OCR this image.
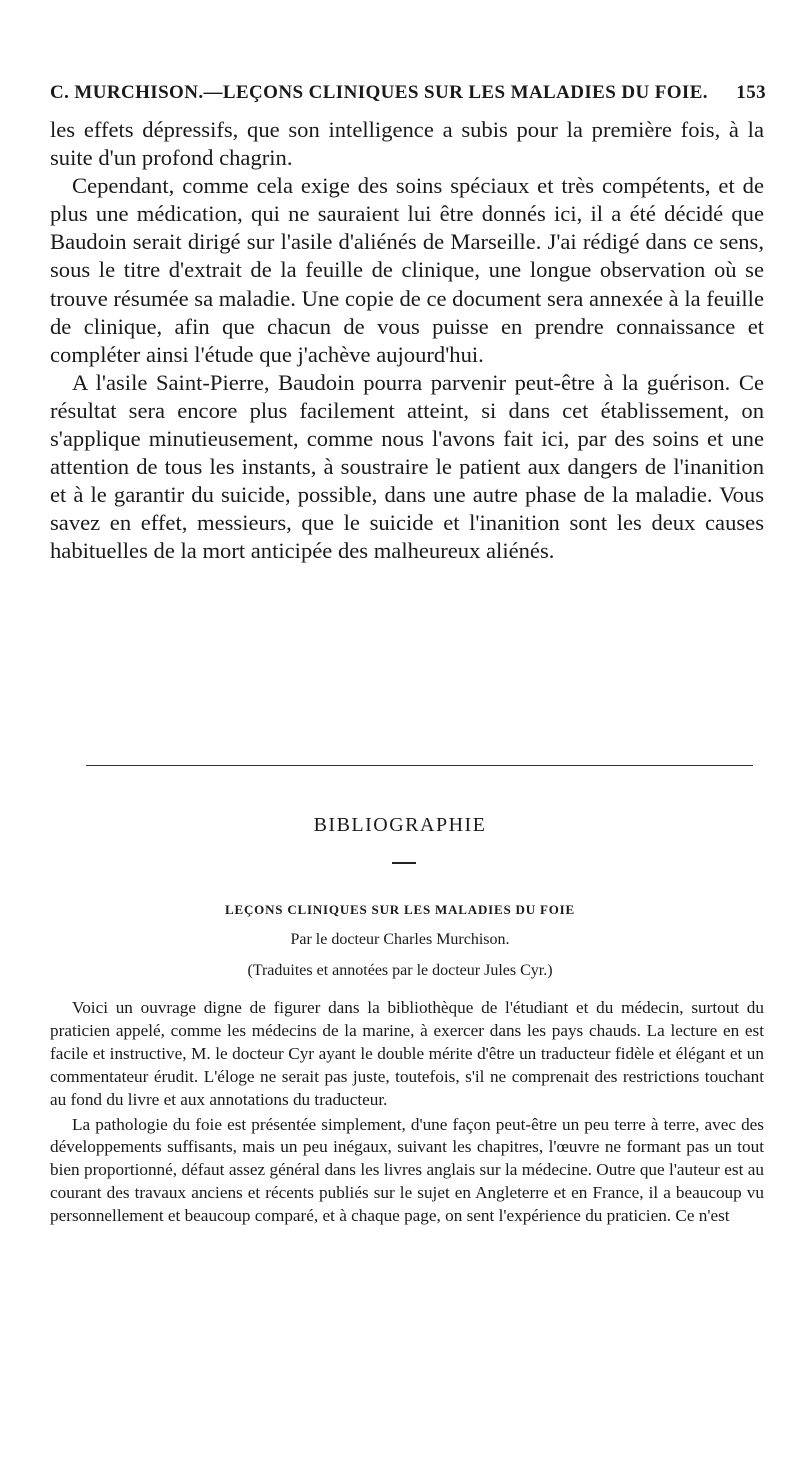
C. MURCHISON.—LEÇONS CLINIQUES SUR LES MALADIES DU FOIE. 153

les effets dépressifs, que son intelligence a subis pour la première fois, à la suite d'un profond chagrin.

Cependant, comme cela exige des soins spéciaux et très compétents, et de plus une médication, qui ne sauraient lui être donnés ici, il a été décidé que Baudoin serait dirigé sur l'asile d'aliénés de Marseille. J'ai rédigé dans ce sens, sous le titre d'extrait de la feuille de clinique, une longue observation où se trouve résumée sa maladie. Une copie de ce document sera annexée à la feuille de clinique, afin que chacun de vous puisse en prendre connaissance et compléter ainsi l'étude que j'achève aujourd'hui.

A l'asile Saint-Pierre, Baudoin pourra parvenir peut-être à la guérison. Ce résultat sera encore plus facilement atteint, si dans cet établissement, on s'applique minutieusement, comme nous l'avons fait ici, par des soins et une attention de tous les instants, à soustraire le patient aux dangers de l'inanition et à le garantir du suicide, possible, dans une autre phase de la maladie. Vous savez en effet, messieurs, que le suicide et l'inanition sont les deux causes habituelles de la mort anticipée des malheureux aliénés.

BIBLIOGRAPHIE
LEÇONS CLINIQUES SUR LES MALADIES DU FOIE
Par le docteur Charles Murchison.
(Traduites et annotées par le docteur Jules Cyr.)

Voici un ouvrage digne de figurer dans la bibliothèque de l'étudiant et du médecin, surtout du praticien appelé, comme les médecins de la marine, à exercer dans les pays chauds. La lecture en est facile et instructive, M. le docteur Cyr ayant le double mérite d'être un traducteur fidèle et élégant et un commentateur érudit. L'éloge ne serait pas juste, toutefois, s'il ne comprenait des restrictions touchant au fond du livre et aux annotations du traducteur.

La pathologie du foie est présentée simplement, d'une façon peut-être un peu terre à terre, avec des développements suffisants, mais un peu inégaux, suivant les chapitres, l'œuvre ne formant pas un tout bien proportionné, défaut assez général dans les livres anglais sur la médecine. Outre que l'auteur est au courant des travaux anciens et récents publiés sur le sujet en Angleterre et en France, il a beaucoup vu personnellement et beaucoup comparé, et à chaque page, on sent l'expérience du praticien. Ce n'est
